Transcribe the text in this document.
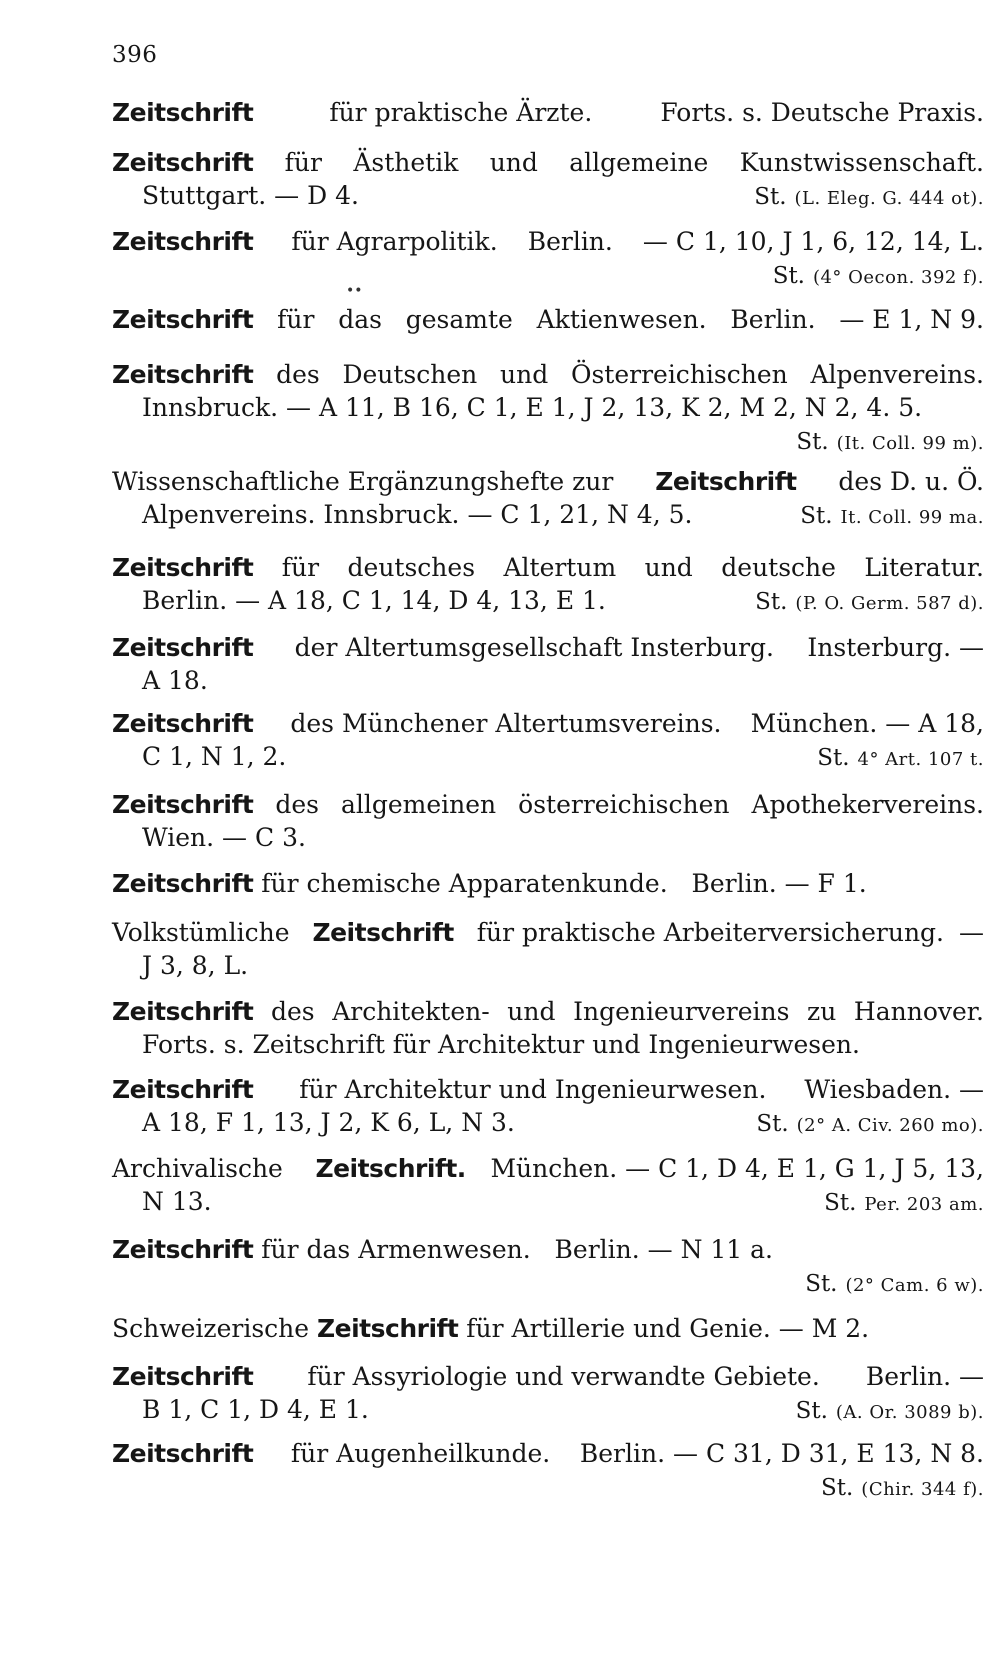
396
••
Zeitschrift	für praktische Ärzte.	Forts. s. Deutsche Praxis.
Zeitschrift für Ästhetik und allgemeine Kunstwissenschaft.
Stuttgart. — D 4.	St. (L. Eleg. G. 444 ot).
Zeitschrift für Agrarpolitik. Berlin. — C 1, 10, J 1, 6, 12, 14, L.
St. (4° Oecon. 392 f).
Zeitschrift für das gesamte Aktienwesen. Berlin. — E 1, N 9.
Zeitschrift des Deutschen und Österreichischen Alpenvereins.
Innsbruck. — A 11, B 16, C 1, E 1, J 2, 13, K 2, M 2, N 2, 4. 5.
St. (It. Coll. 99 m).
Wissenschaftliche Ergänzungshefte zur Zeitschrift des D. u. Ö.
Alpenvereins. Innsbruck. — C 1, 21, N 4, 5.	St. It. Coll. 99 ma.
Zeitschrift für deutsches Altertum und deutsche Literatur.
Berlin. — A 18, C 1, 14, D 4, 13, E 1.	St. (P. O. Germ. 587 d).
Zeitschrift der Altertumsgesellschaft Insterburg. Insterburg. —
A 18.
Zeitschrift des Münchener Altertumsvereins. München. — A 18,
C 1, N 1, 2.	St. 4° Art. 107 t.
Zeitschrift des allgemeinen österreichischen Apothekervereins.
Wien. — C 3.
Zeitschrift für chemische Apparatenkunde.   Berlin. — F 1.
Volkstümliche Zeitschrift für praktische Arbeiterversicherung. —
J 3, 8, L.
Zeitschrift des Architekten- und Ingenieurvereins zu Hannover.
Forts. s. Zeitschrift für Architektur und Ingenieurwesen.
Zeitschrift für Architektur und Ingenieurwesen. Wiesbaden. —
A 18, F 1, 13, J 2, K 6, L, N 3.	St. (2° A. Civ. 260 mo).
Archivalische Zeitschrift. München. — C 1, D 4, E 1, G 1, J 5, 13,
N 13.	St. Per. 203 am.
Zeitschrift für das Armenwesen.   Berlin. — N 11 a.
St. (2° Cam. 6 w).
Schweizerische Zeitschrift für Artillerie und Genie. — M 2.
Zeitschrift für Assyriologie und verwandte Gebiete. Berlin. —
B 1, C 1, D 4, E 1.	St. (A. Or. 3089 b).
Zeitschrift für Augenheilkunde. Berlin. — C 31, D 31, E 13, N 8.
St. (Chir. 344 f).
